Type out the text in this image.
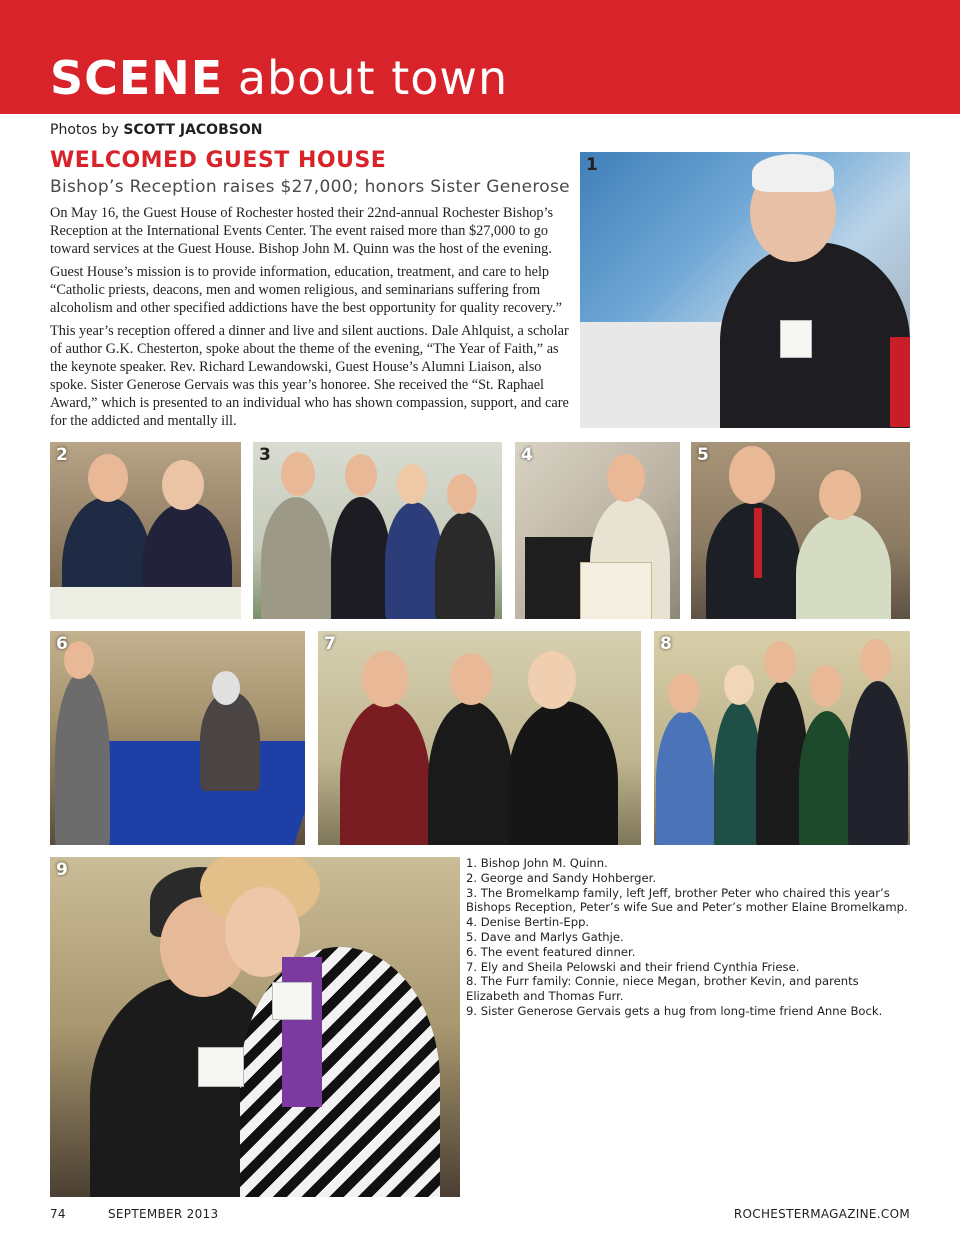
SCENE about town
Photos by SCOTT JACOBSON
WELCOMED GUEST HOUSE
Bishop’s Reception raises $27,000; honors Sister Generose

On May 16, the Guest House of Rochester hosted their 22nd-annual Rochester Bishop’s Reception at the International Events Center. The event raised more than $27,000 to go toward services at the Guest House. Bishop John M. Quinn was the host of the evening.

Guest House’s mission is to provide information, education, treatment, and care to help “Catholic priests, deacons, men and women religious, and seminarians suffering from alcoholism and other specified addictions have the best opportunity for quality recovery.”

This year’s reception offered a dinner and live and silent auctions. Dale Ahlquist, a scholar of author G.K. Chesterton, spoke about the theme of the evening, “The Year of Faith,” as the keynote speaker. Rev. Richard Lewandowski, Guest House’s Alumni Liaison, also spoke. Sister Generose Gervais was this year’s honoree. She received the “St. Raphael Award,” which is presented to an individual who has shown compassion, support, and care for the addicted and mentally ill.

1
2	3	4	5
6	7	8
9	1. Bishop John M. Quinn.
2. George and Sandy Hohberger.
3. The Bromelkamp family, left Jeff, brother Peter who chaired this year’s Bishops Reception, Peter’s wife Sue and Peter’s mother Elaine Bromelkamp.
4. Denise Bertin-Epp.
5. Dave and Marlys Gathje.
6. The event featured dinner.
7. Ely and Sheila Pelowski and their friend Cynthia Friese.
8. The Furr family: Connie, niece Megan, brother Kevin, and parents Elizabeth and Thomas Furr.
9. Sister Generose Gervais gets a hug from long-time friend Anne Bock.
74	SEPTEMBER 2013	ROCHESTERMAGAZINE.COM
